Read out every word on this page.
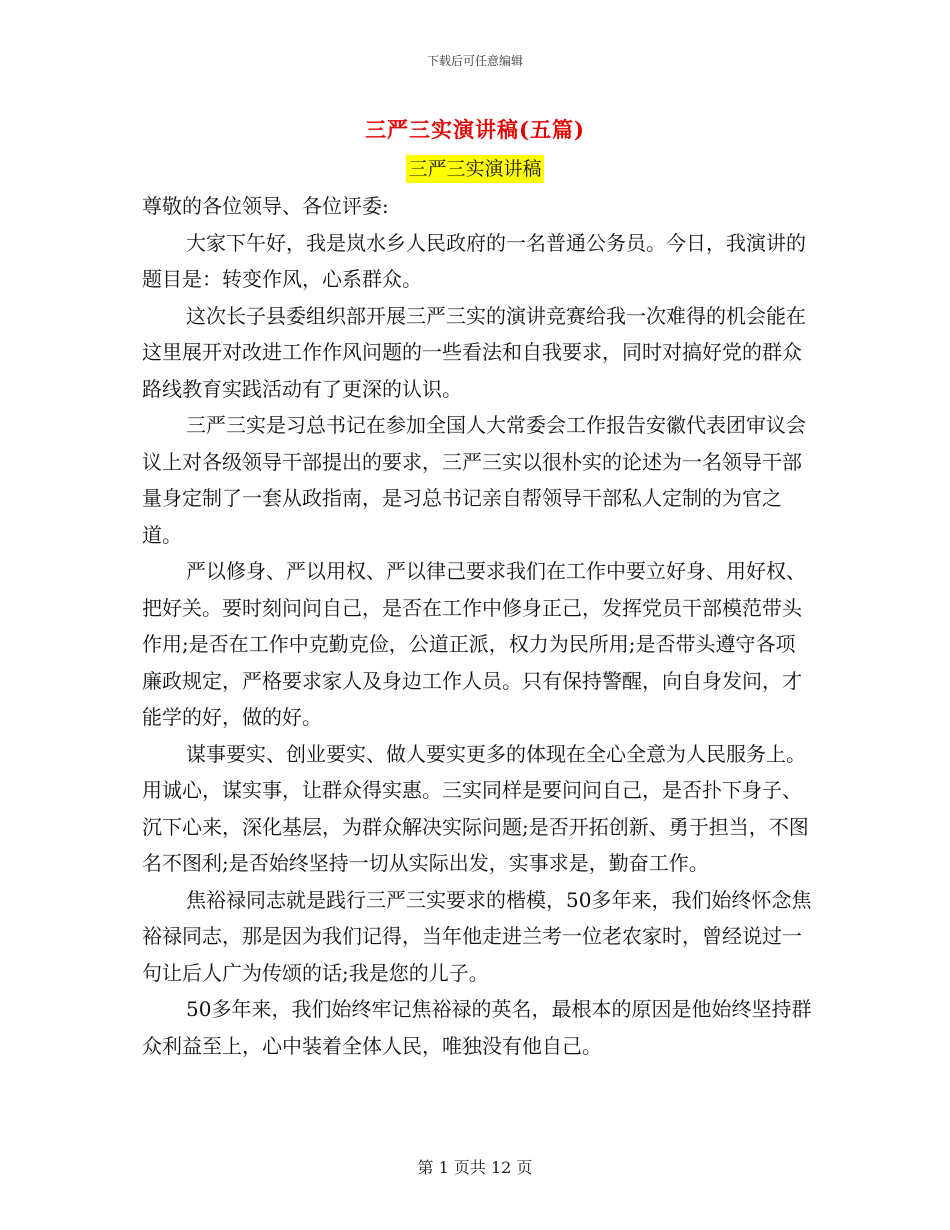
下载后可任意编辑
三严三实演讲稿(五篇)
三严三实演讲稿

尊敬的各位领导、各位评委:

大家下午好，我是岚水乡人民政府的一名普通公务员。今日，我演讲的题目是：转变作风，心系群众。

这次长子县委组织部开展三严三实的演讲竞赛给我一次难得的机会能在这里展开对改进工作作风问题的一些看法和自我要求，同时对搞好党的群众路线教育实践活动有了更深的认识。

三严三实是习总书记在参加全国人大常委会工作报告安徽代表团审议会议上对各级领导干部提出的要求，三严三实以很朴实的论述为一名领导干部量身定制了一套从政指南，是习总书记亲自帮领导干部私人定制的为官之道。

严以修身、严以用权、严以律己要求我们在工作中要立好身、用好权、把好关。要时刻问问自己，是否在工作中修身正己，发挥党员干部模范带头作用;是否在工作中克勤克俭，公道正派，权力为民所用;是否带头遵守各项廉政规定，严格要求家人及身边工作人员。只有保持警醒，向自身发问，才能学的好，做的好。

谋事要实、创业要实、做人要实更多的体现在全心全意为人民服务上。用诚心，谋实事，让群众得实惠。三实同样是要问问自己，是否扑下身子、沉下心来，深化基层，为群众解决实际问题;是否开拓创新、勇于担当，不图名不图利;是否始终坚持一切从实际出发，实事求是，勤奋工作。

焦裕禄同志就是践行三严三实要求的楷模，50多年来，我们始终怀念焦裕禄同志，那是因为我们记得，当年他走进兰考一位老农家时，曾经说过一句让后人广为传颂的话;我是您的儿子。

50多年来，我们始终牢记焦裕禄的英名，最根本的原因是他始终坚持群众利益至上，心中装着全体人民，唯独没有他自己。

第 1 页共 12 页
